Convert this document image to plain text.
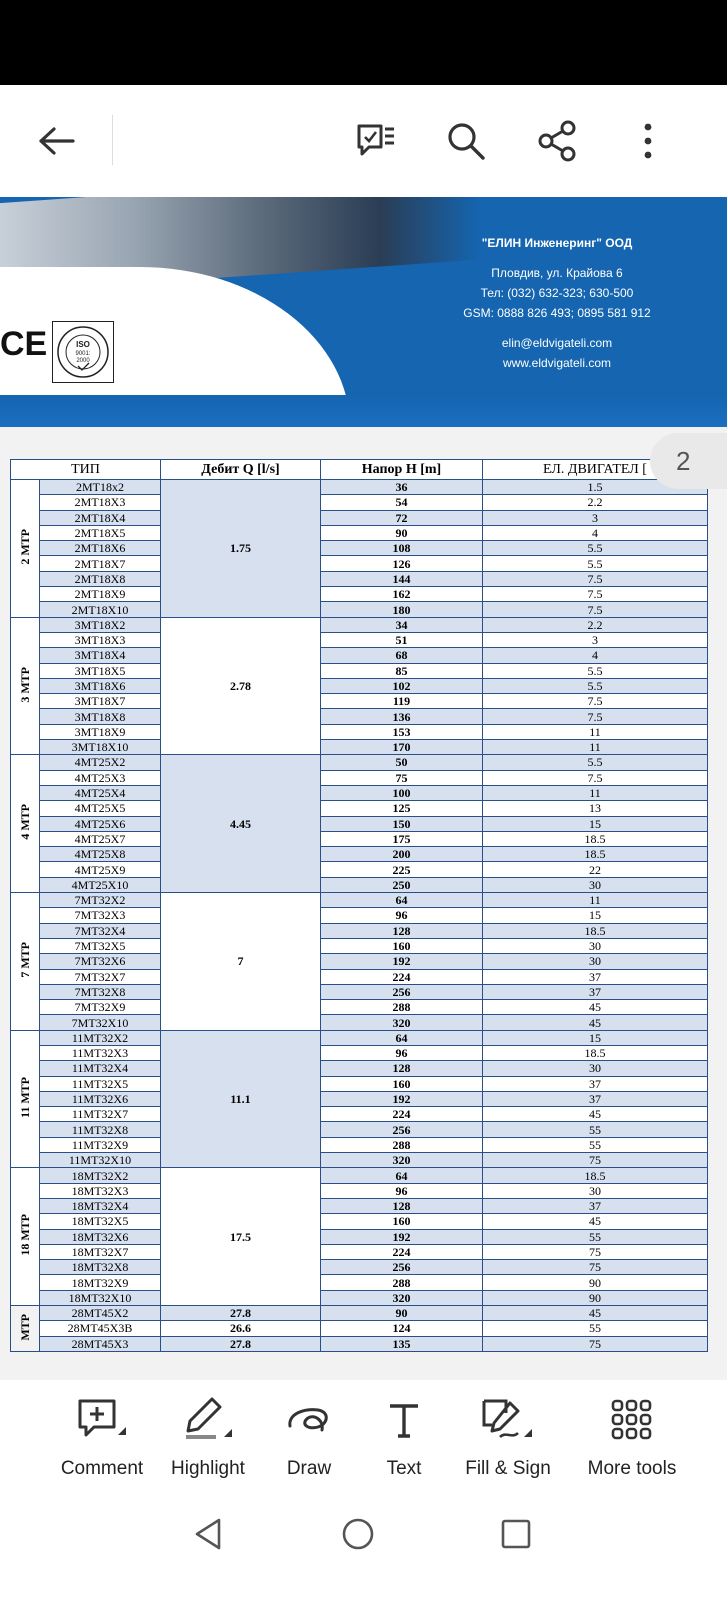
CE	ISO
9001:
2000
"ЕЛИН Инженеринг" ООД
Пловдив, ул. Крайова 6
Тел: (032) 632-323; 630-500
GSM: 0888 826 493; 0895 581 912
elin@eldvigateli.com
www.eldvigateli.com
ТИП		Дебит Q [l/s]	Напор H [m]	ЕЛ. ДВИГАТЕЛ [
2 MTP	2MT18x2	1.75	36	1.5
	2MT18X3		54	2.2
	2MT18X4		72	3
	2MT18X5		90	4
	2MT18X6		108	5.5
	2MT18X7		126	5.5
	2MT18X8		144	7.5
	2MT18X9		162	7.5
	2MT18X10		180	7.5
3 MTP	3MT18X2	2.78	34	2.2
	3MT18X3		51	3
	3MT18X4		68	4
	3MT18X5		85	5.5
	3MT18X6		102	5.5
	3MT18X7		119	7.5
	3MT18X8		136	7.5
	3MT18X9		153	11
	3MT18X10		170	11
4 MTP	4MT25X2	4.45	50	5.5
	4MT25X3		75	7.5
	4MT25X4		100	11
	4MT25X5		125	13
	4MT25X6		150	15
	4MT25X7		175	18.5
	4MT25X8		200	18.5
	4MT25X9		225	22
	4MT25X10		250	30
7 MTP	7MT32X2	7	64	11
	7MT32X3		96	15
	7MT32X4		128	18.5
	7MT32X5		160	30
	7MT32X6		192	30
	7MT32X7		224	37
	7MT32X8		256	37
	7MT32X9		288	45
	7MT32X10		320	45
11 MTP	11MT32X2	11.1	64	15
	11MT32X3		96	18.5
	11MT32X4		128	30
	11MT32X5		160	37
	11MT32X6		192	37
	11MT32X7		224	45
	11MT32X8		256	55
	11MT32X9		288	55
	11MT32X10		320	75
18 MTP	18MT32X2	17.5	64	18.5
	18MT32X3		96	30
	18MT32X4		128	37
	18MT32X5		160	45
	18MT32X6		192	55
	18MT32X7		224	75
	18MT32X8		256	75
	18MT32X9		288	90
	18MT32X10		320	90
MTP	28MT45X2	27.8	90	45
	28MT45X3B	26.6	124	55
	28MT45X3	27.8	135	75
2
Comment	Highlight	Draw	Text	Fill & Sign	More tools
